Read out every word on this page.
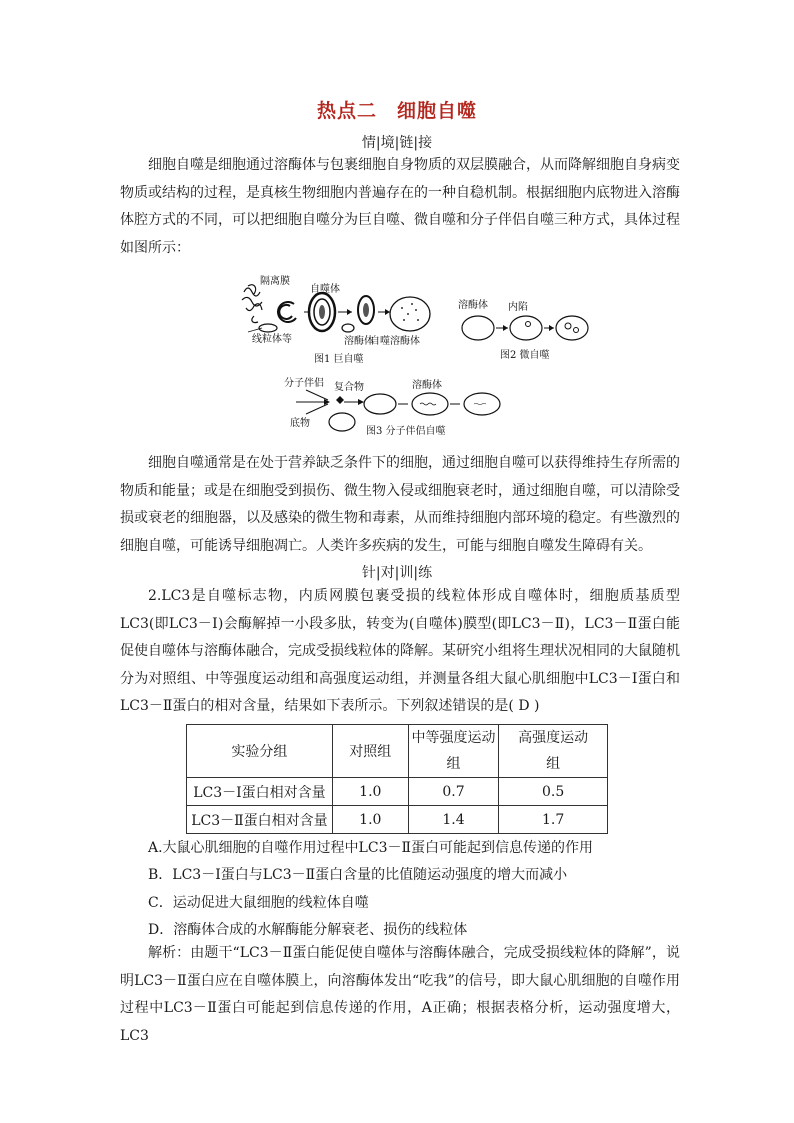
热点二　细胞自噬
情|境|链|接

细胞自噬是细胞通过溶酶体与包裹细胞自身物质的双层膜融合，从而降解细胞自身病变物质或结构的过程，是真核生物细胞内普遍存在的一种自稳机制。根据细胞内底物进入溶酶体腔方式的不同，可以把细胞自噬分为巨自噬、微自噬和分子伴侣自噬三种方式，具体过程如图所示：

隔离膜
线粒体等
自噬体
溶酶体
自噬溶酶体
图1 巨自噬
溶酶体 内陷
图2 微自噬
分子伴侣
底物
复合物	溶酶体
图3 分子伴侣自噬

细胞自噬通常是在处于营养缺乏条件下的细胞，通过细胞自噬可以获得维持生存所需的物质和能量；或是在细胞受到损伤、微生物入侵或细胞衰老时，通过细胞自噬，可以清除受损或衰老的细胞器，以及感染的微生物和毒素，从而维持细胞内部环境的稳定。有些激烈的细胞自噬，可能诱导细胞凋亡。人类许多疾病的发生，可能与细胞自噬发生障碍有关。

针|对|训|练

2.LC3是自噬标志物，内质网膜包裹受损的线粒体形成自噬体时，细胞质基质型LC3(即LC3－Ⅰ)会酶解掉一小段多肽，转变为(自噬体)膜型(即LC3－Ⅱ)，LC3－Ⅱ蛋白能促使自噬体与溶酶体融合，完成受损线粒体的降解。某研究小组将生理状况相同的大鼠随机分为对照组、中等强度运动组和高强度运动组，并测量各组大鼠心肌细胞中LC3－Ⅰ蛋白和LC3－Ⅱ蛋白的相对含量，结果如下表所示。下列叙述错误的是( D )

实验分组	对照组	中等强度运动组	高强度运动组
LC3－Ⅰ蛋白相对含量	1.0	0.7	0.5
LC3－Ⅱ蛋白相对含量	1.0	1.4	1.7
A.大鼠心肌细胞的自噬作用过程中LC3－Ⅱ蛋白可能起到信息传递的作用
B．LC3－Ⅰ蛋白与LC3－Ⅱ蛋白含量的比值随运动强度的增大而减小
C．运动促进大鼠细胞的线粒体自噬
D．溶酶体合成的水解酶能分解衰老、损伤的线粒体

解析：由题干“LC3－Ⅱ蛋白能促使自噬体与溶酶体融合，完成受损线粒体的降解”，说明LC3－Ⅱ蛋白应在自噬体膜上，向溶酶体发出“吃我”的信号，即大鼠心肌细胞的自噬作用过程中LC3－Ⅱ蛋白可能起到信息传递的作用，A正确；根据表格分析，运动强度增大，LC3
